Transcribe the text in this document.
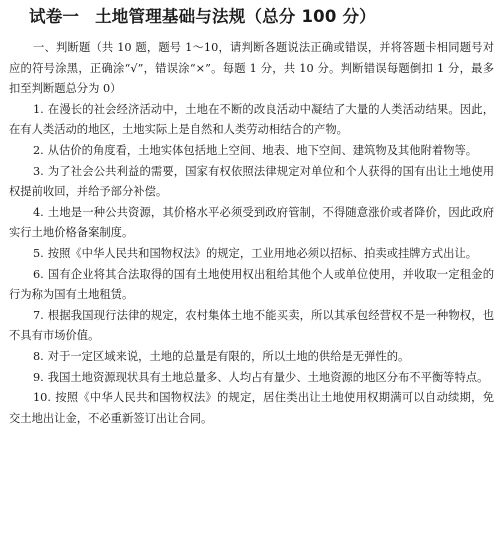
试卷一 土地管理基础与法规（总分 100 分）

一、判断题（共 10 题，题号 1～10，请判断各题说法正确或错误，并将答题卡相同题号对应的符号涂黑，正确涂“√”，错误涂“×”。每题 1 分，共 10 分。判断错误每题倒扣 1 分，最多扣至判断题总分为 0）

1. 在漫长的社会经济活动中，土地在不断的改良活动中凝结了大量的人类活动结果。因此，在有人类活动的地区，土地实际上是自然和人类劳动相结合的产物。

2. 从估价的角度看，土地实体包括地上空间、地表、地下空间、建筑物及其他附着物等。

3. 为了社会公共利益的需要，国家有权依照法律规定对单位和个人获得的国有出让土地使用权提前收回，并给予部分补偿。

4. 土地是一种公共资源，其价格水平必须受到政府管制，不得随意涨价或者降价，因此政府实行土地价格备案制度。

5. 按照《中华人民共和国物权法》的规定，工业用地必须以招标、拍卖或挂牌方式出让。

6. 国有企业将其合法取得的国有土地使用权出租给其他个人或单位使用，并收取一定租金的行为称为国有土地租赁。

7. 根据我国现行法律的规定，农村集体土地不能买卖，所以其承包经营权不是一种物权，也不具有市场价值。

8. 对于一定区域来说，土地的总量是有限的，所以土地的供给是无弹性的。

9. 我国土地资源现状具有土地总量多、人均占有量少、土地资源的地区分布不平衡等特点。

10. 按照《中华人民共和国物权法》的规定，居住类出让土地使用权期满可以自动续期，免交土地出让金，不必重新签订出让合同。
